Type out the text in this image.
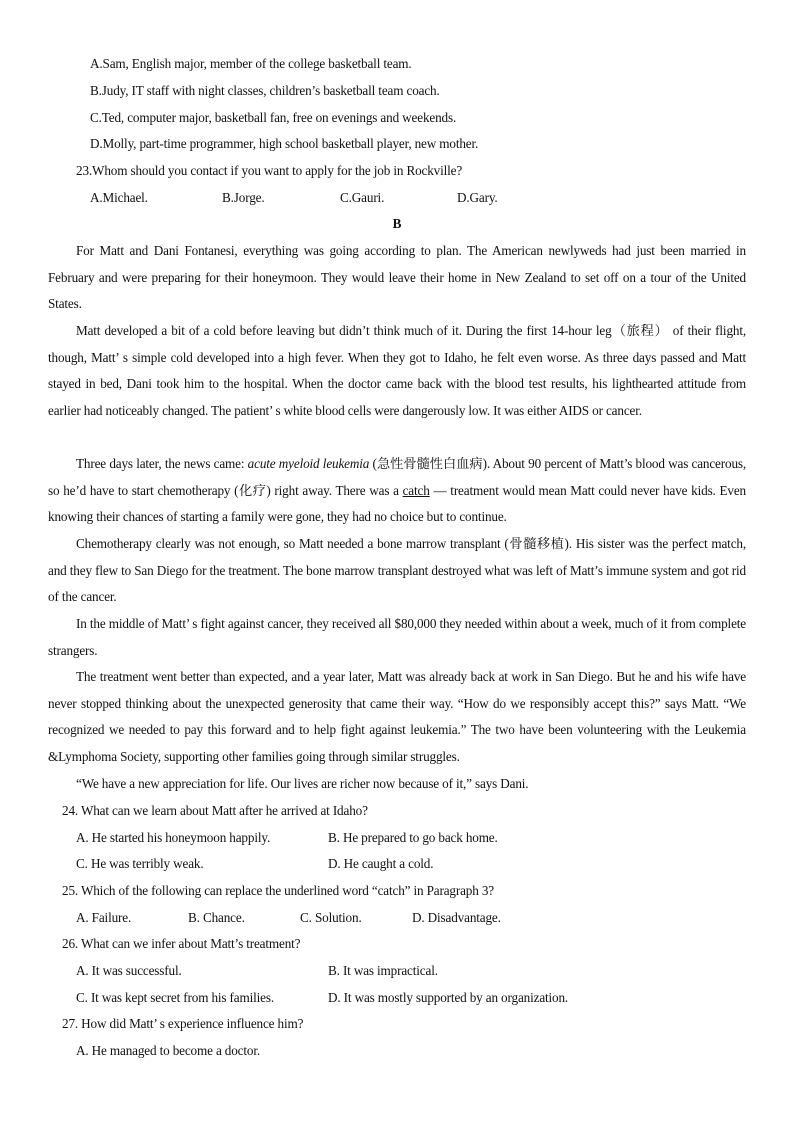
A.Sam, English major, member of the college basketball team.
B.Judy, IT staff with night classes, children’s basketball team coach.
C.Ted, computer major, basketball fan, free on evenings and weekends.
D.Molly, part-time programmer, high school basketball player, new mother.
23.Whom should you contact if you want to apply for the job in Rockville?
A.Michael.	B.Jorge.	C.Gauri.	D.Gary.
B
For Matt and Dani Fontanesi, everything was going according to plan. The American newlyweds had just been married in February and were preparing for their honeymoon. They would leave their home in New Zealand to set off on a tour of the United States.
Matt developed a bit of a cold before leaving but didn’t think much of it. During the first 14-hour leg（旅程） of their flight, though, Matt’ s simple cold developed into a high fever. When they got to Idaho, he felt even worse. As three days passed and Matt stayed in bed, Dani took him to the hospital. When the doctor came back with the blood test results, his lighthearted attitude from earlier had noticeably changed. The patient’ s white blood cells were dangerously low. It was either AIDS or cancer.
Three days later, the news came: acute myeloid leukemia (急性骨髓性白血病). About 90 percent of Matt’s blood was cancerous, so he’d have to start chemotherapy (化疗) right away. There was a catch — treatment would mean Matt could never have kids. Even knowing their chances of starting a family were gone, they had no choice but to continue.
Chemotherapy clearly was not enough, so Matt needed a bone marrow transplant (骨髓移植). His sister was the perfect match, and they flew to San Diego for the treatment. The bone marrow transplant destroyed what was left of Matt’s immune system and got rid of the cancer.
In the middle of Matt’ s fight against cancer, they received all $80,000 they needed within about a week, much of it from complete strangers.
The treatment went better than expected, and a year later, Matt was already back at work in San Diego. But he and his wife have never stopped thinking about the unexpected generosity that came their way. “How do we responsibly accept this?” says Matt. “We recognized we needed to pay this forward and to help fight against leukemia.” The two have been volunteering with the Leukemia &Lymphoma Society, supporting other families going through similar struggles.
“We have a new appreciation for life. Our lives are richer now because of it,” says Dani.
24. What can we learn about Matt after he arrived at Idaho?
A. He started his honeymoon happily.	B. He prepared to go back home.
C. He was terribly weak.	D. He caught a cold.
25. Which of the following can replace the underlined word “catch” in Paragraph 3?
A. Failure.	B. Chance.	C. Solution.	D. Disadvantage.
26. What can we infer about Matt’s treatment?
A. It was successful.	B. It was impractical.
C. It was kept secret from his families.	D. It was mostly supported by an organization.
27. How did Matt’ s experience influence him?
A. He managed to become a doctor.
